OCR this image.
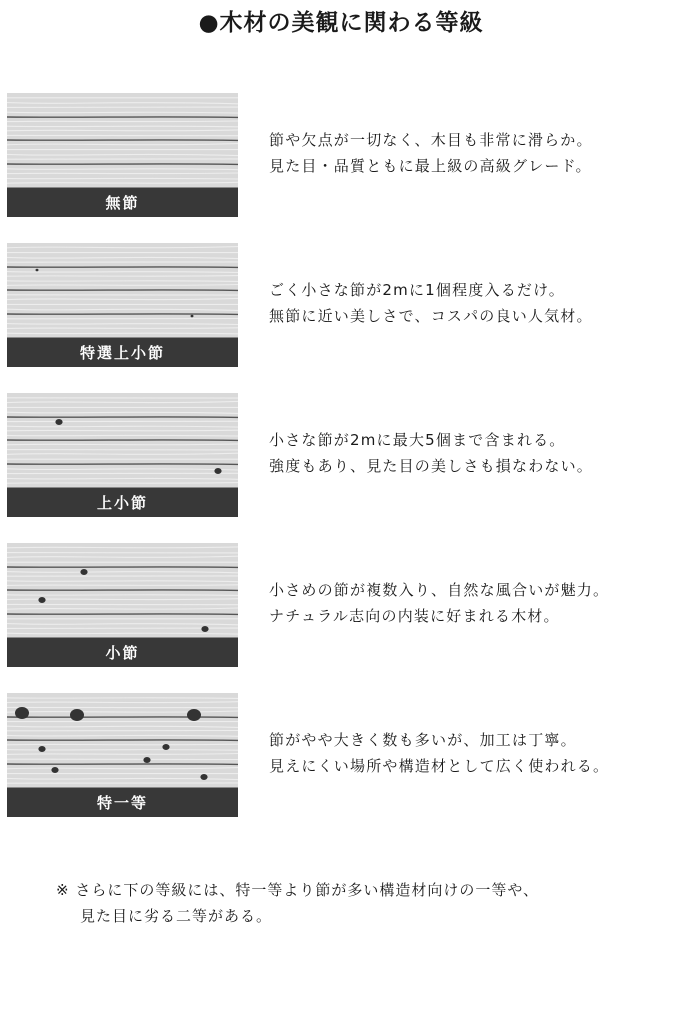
●木材の美観に関わる等級
無節
節や欠点が一切なく、木目も非常に滑らか。
見た目・品質ともに最上級の高級グレード。
特選上小節
ごく小さな節が2mに1個程度入るだけ。
無節に近い美しさで、コスパの良い人気材。
上小節
小さな節が2mに最大5個まで含まれる。
強度もあり、見た目の美しさも損なわない。
小節
小さめの節が複数入り、自然な風合いが魅力。
ナチュラル志向の内装に好まれる木材。
特一等
節がやや大きく数も多いが、加工は丁寧。
見えにくい場所や構造材として広く使われる。
※ さらに下の等級には、特一等より節が多い構造材向けの一等や、
見た目に劣る二等がある。
